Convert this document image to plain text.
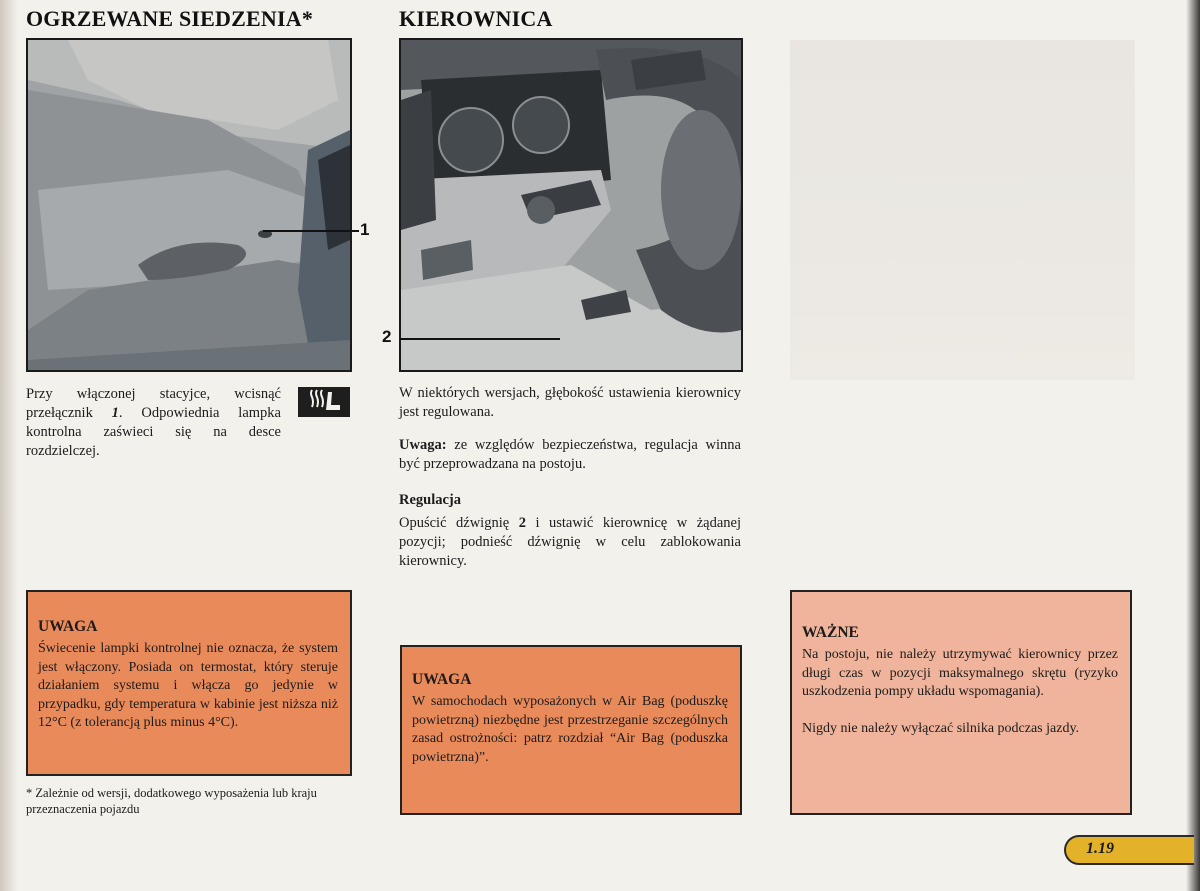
OGRZEWANE SIEDZENIA*
1

Przy włączonej stacyjce, wcisnąć przełącznik 1. Odpowiednia lampka kontrolna zaświeci się na desce rozdzielczej.

UWAGA

Świecenie lampki kontrolnej nie oznacza, że system jest włączony. Posiada on termostat, który steruje działaniem systemu i włącza go jedynie w przypadku, gdy temperatura w kabinie jest niższa niż 12°C (z tolerancją plus minus 4°C).

* Zależnie od wersji, dodatkowego wyposażenia lub kraju przeznaczenia pojazdu

KIEROWNICA
2

W niektórych wersjach, głębokość ustawienia kierownicy jest regulowana.

Uwaga: ze względów bezpieczeństwa, regulacja winna być przeprowadzana na postoju.

Regulacja

Opuścić dźwignię 2 i ustawić kierownicę w żądanej pozycji; podnieść dźwignię w celu zablokowania kierownicy.

UWAGA

W samochodach wyposażonych w Air Bag (poduszkę powietrzną) niezbędne jest przestrzeganie szczególnych zasad ostrożności: patrz rozdział “Air Bag (poduszka powietrzna)”.

WAŻNE

Na postoju, nie należy utrzymywać kierownicy przez długi czas w pozycji maksymalnego skrętu (ryzyko uszkodzenia pompy układu wspomagania).

Nigdy nie należy wyłączać silnika podczas jazdy.

1.19
